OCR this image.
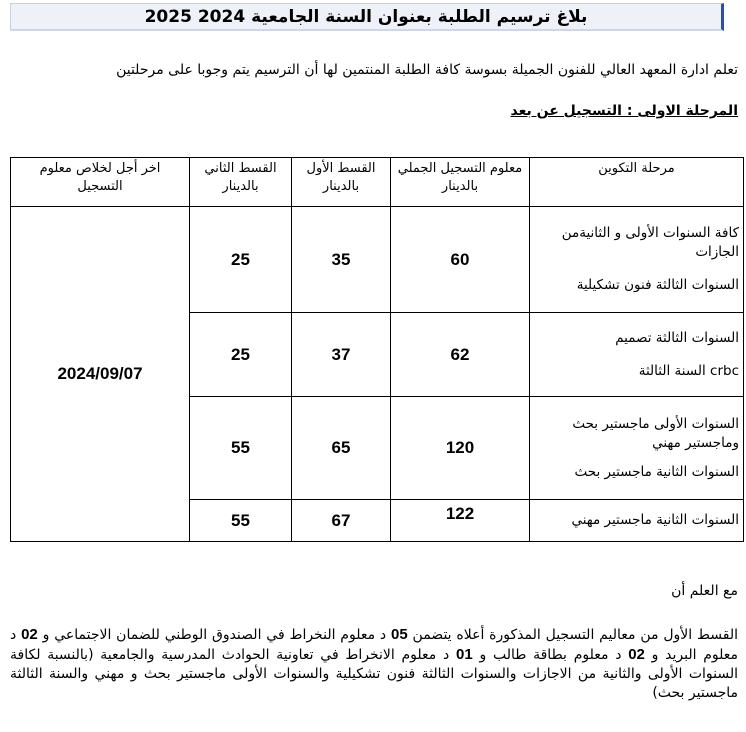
بلاغ ترسيم الطلبة بعنوان السنة الجامعية 2024 2025
تعلم ادارة المعهد العالي للفنون الجميلة بسوسة كافة الطلبة المنتمين لها أن الترسيم يتم وجوبا على مرحلتين
المرحلة الاولى : التسجيل عن بعد
مرحلة التكوين	معلوم التسجيل الجملي بالدينار	القسط الأول بالدينار	القسط الثاني بالدينار	اخر أجل لخلاص معلوم التسجيل

كافة السنوات الأولى و الثانيةمن الجازات
السنوات الثالثة فنون تشكيلية	60	35	25	2024/09/07

السنوات الثالثة تصميم
crbc السنة الثالثة	62	37	25	

السنوات الأولى ماجستير بحث وماجستير مهني
السنوات الثانية ماجستير بحث	120	65	55	

السنوات الثانية ماجستير مهني	122	67	55	
مع العلم أن
القسط الأول من معاليم التسجيل المذكورة أعلاه يتضمن 05 د معلوم النخراط في الصندوق الوطني للضمان الاجتماعي و 02 د معلوم البريد و 02 د معلوم بطاقة طالب و 01 د معلوم الانخراط في تعاونية الحوادث المدرسية والجامعية (بالنسبة لكافة السنوات الأولى والثانية من الاجازات والسنوات الثالثة فنون تشكيلية والسنوات الأولى ماجستير بحث و مهني والسنة الثالثة ماجستير بحث)
